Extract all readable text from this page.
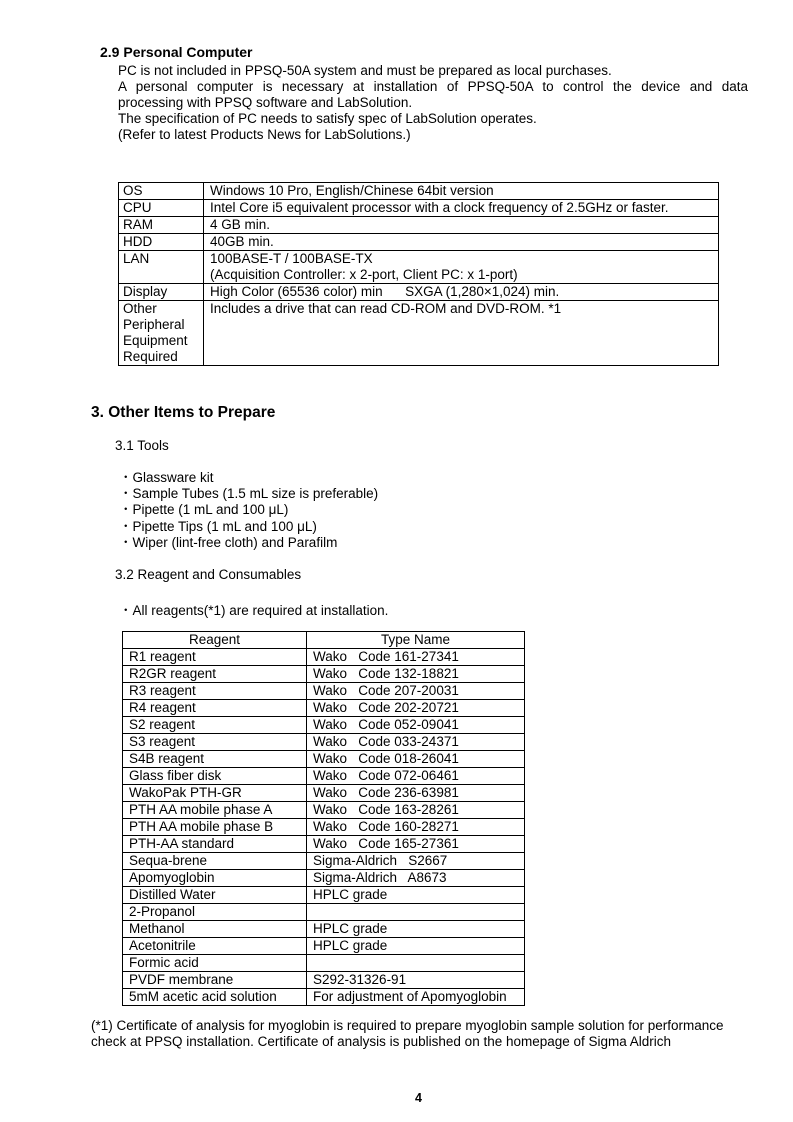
2.9 Personal Computer
PC is not included in PPSQ-50A system and must be prepared as local purchases.
A personal computer is necessary at installation of PPSQ-50A to control the device and data
processing with PPSQ software and LabSolution.
The specification of PC needs to satisfy spec of LabSolution operates.
(Refer to latest Products News for LabSolutions.)
OS	Windows 10 Pro, English/Chinese 64bit version
CPU	Intel Core i5 equivalent processor with a clock frequency of 2.5GHz or faster.
RAM	4 GB min.
HDD	40GB min.
LAN	100BASE-T / 100BASE-TX
(Acquisition Controller: x 2-port, Client PC: x 1-port)

Display	High Color (65536 color) min      SXGA (1,280×1,024) min.
Other Peripheral Equipment Required	Includes a drive that can read CD-ROM and DVD-ROM. *1
3. Other Items to Prepare
3.1 Tools
・Glassware kit
・Sample Tubes (1.5 mL size is preferable)
・Pipette (1 mL and 100 μL)
・Pipette Tips (1 mL and 100 μL)
・Wiper (lint-free cloth) and Parafilm
3.2 Reagent and Consumables
・All reagents(*1) are required at installation.
Reagent	Type Name
R1 reagent	Wako   Code 161-27341
R2GR reagent	Wako   Code 132-18821
R3 reagent	Wako   Code 207-20031
R4 reagent	Wako   Code 202-20721
S2 reagent	Wako   Code 052-09041
S3 reagent	Wako   Code 033-24371
S4B reagent	Wako   Code 018-26041
Glass fiber disk	Wako   Code 072-06461
WakoPak PTH-GR	Wako   Code 236-63981
PTH AA mobile phase A	Wako   Code 163-28261
PTH AA mobile phase B	Wako   Code 160-28271
PTH-AA standard	Wako   Code 165-27361
Sequa-brene	Sigma-Aldrich   S2667
Apomyoglobin	Sigma-Aldrich   A8673
Distilled Water	HPLC grade
2-Propanol	
Methanol	HPLC grade
Acetonitrile	HPLC grade
Formic acid	
PVDF membrane	S292-31326-91
5mM acetic acid solution	For adjustment of Apomyoglobin
(*1) Certificate of analysis for myoglobin is required to prepare myoglobin sample solution for performance
check at PPSQ installation. Certificate of analysis is published on the homepage of Sigma Aldrich
4
